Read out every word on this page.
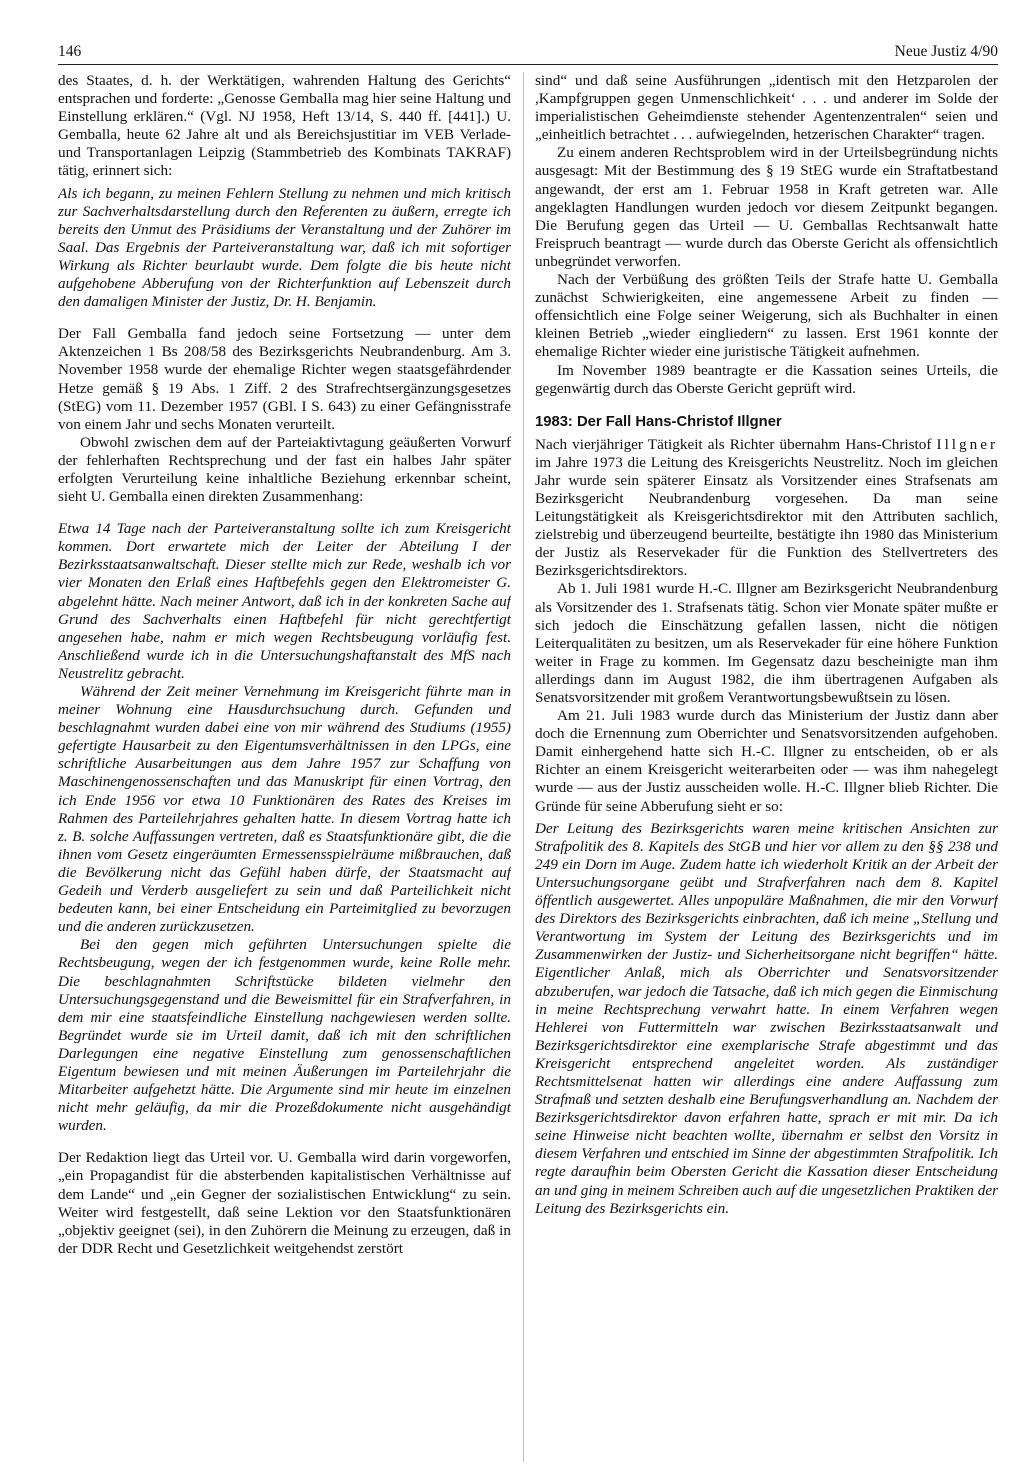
146	Neue Justiz 4/90

des Staates, d. h. der Werktätigen, wahrenden Haltung des Gerichts“ entsprachen und forderte: „Genosse Gemballa mag hier seine Haltung und Einstellung erklären.“ (Vgl. NJ 1958, Heft 13/14, S. 440 ff. [441].) U. Gemballa, heute 62 Jahre alt und als Bereichsjustitiar im VEB Verlade- und Transportanlagen Leipzig (Stammbetrieb des Kombinats TAKRAF) tätig, erinnert sich:

Als ich begann, zu meinen Fehlern Stellung zu nehmen und mich kritisch zur Sachverhaltsdarstellung durch den Referenten zu äußern, erregte ich bereits den Unmut des Präsidiums der Veranstaltung und der Zuhörer im Saal. Das Ergebnis der Parteiveranstaltung war, daß ich mit sofortiger Wirkung als Richter beurlaubt wurde. Dem folgte die bis heute nicht aufgehobene Abberufung von der Richterfunktion auf Lebenszeit durch den damaligen Minister der Justiz, Dr. H. Benjamin.

Der Fall Gemballa fand jedoch seine Fortsetzung — unter dem Aktenzeichen 1 Bs 208/58 des Bezirksgerichts Neubrandenburg. Am 3. November 1958 wurde der ehemalige Richter wegen staatsgefährdender Hetze gemäß § 19 Abs. 1 Ziff. 2 des Strafrechtsergänzungsgesetzes (StEG) vom 11. Dezember 1957 (GBl. I S. 643) zu einer Gefängnisstrafe von einem Jahr und sechs Monaten verurteilt.

Obwohl zwischen dem auf der Parteiaktivtagung geäußerten Vorwurf der fehlerhaften Rechtsprechung und der fast ein halbes Jahr später erfolgten Verurteilung keine inhaltliche Beziehung erkennbar scheint, sieht U. Gemballa einen direkten Zusammenhang:

Etwa 14 Tage nach der Parteiveranstaltung sollte ich zum Kreisgericht kommen. Dort erwartete mich der Leiter der Abteilung I der Bezirksstaatsanwaltschaft. Dieser stellte mich zur Rede, weshalb ich vor vier Monaten den Erlaß eines Haftbefehls gegen den Elektromeister G. abgelehnt hätte. Nach meiner Antwort, daß ich in der konkreten Sache auf Grund des Sachverhalts einen Haftbefehl für nicht gerechtfertigt angesehen habe, nahm er mich wegen Rechtsbeugung vorläufig fest. Anschließend wurde ich in die Untersuchungshaftanstalt des MfS nach Neustrelitz gebracht.

Während der Zeit meiner Vernehmung im Kreisgericht führte man in meiner Wohnung eine Hausdurchsuchung durch. Gefunden und beschlagnahmt wurden dabei eine von mir während des Studiums (1955) gefertigte Hausarbeit zu den Eigentumsverhältnissen in den LPGs, eine schriftliche Ausarbeitungen aus dem Jahre 1957 zur Schaffung von Maschinengenossenschaften und das Manuskript für einen Vortrag, den ich Ende 1956 vor etwa 10 Funktionären des Rates des Kreises im Rahmen des Parteilehrjahres gehalten hatte. In diesem Vortrag hatte ich z. B. solche Auffassungen vertreten, daß es Staatsfunktionäre gibt, die die ihnen vom Gesetz eingeräumten Ermessensspielräume mißbrauchen, daß die Bevölkerung nicht das Gefühl haben dürfe, der Staatsmacht auf Gedeih und Verderb ausgeliefert zu sein und daß Parteilichkeit nicht bedeuten kann, bei einer Entscheidung ein Parteimitglied zu bevorzugen und die anderen zurückzusetzen.

Bei den gegen mich geführten Untersuchungen spielte die Rechtsbeugung, wegen der ich festgenommen wurde, keine Rolle mehr. Die beschlagnahmten Schriftstücke bildeten vielmehr den Untersuchungsgegenstand und die Beweismittel für ein Strafverfahren, in dem mir eine staatsfeindliche Einstellung nachgewiesen werden sollte. Begründet wurde sie im Urteil damit, daß ich mit den schriftlichen Darlegungen eine negative Einstellung zum genossenschaftlichen Eigentum bewiesen und mit meinen Äußerungen im Parteilehrjahr die Mitarbeiter aufgehetzt hätte. Die Argumente sind mir heute im einzelnen nicht mehr geläufig, da mir die Prozeßdokumente nicht ausgehändigt wurden.

Der Redaktion liegt das Urteil vor. U. Gemballa wird darin vorgeworfen, „ein Propagandist für die absterbenden kapitalistischen Verhältnisse auf dem Lande“ und „ein Gegner der sozialistischen Entwicklung“ zu sein. Weiter wird festgestellt, daß seine Lektion vor den Staatsfunktionären „objektiv geeignet (sei), in den Zuhörern die Meinung zu erzeugen, daß in der DDR Recht und Gesetzlichkeit weitgehendst zerstört

sind“ und daß seine Ausführungen „identisch mit den Hetzparolen der ,Kampfgruppen gegen Unmenschlichkeit‘ . . . und anderer im Solde der imperialistischen Geheimdienste stehender Agentenzentralen“ seien und „einheitlich betrachtet . . . aufwiegelnden, hetzerischen Charakter“ tragen.

Zu einem anderen Rechtsproblem wird in der Urteilsbegründung nichts ausgesagt: Mit der Bestimmung des § 19 StEG wurde ein Straftatbestand angewandt, der erst am 1. Februar 1958 in Kraft getreten war. Alle angeklagten Handlungen wurden jedoch vor diesem Zeitpunkt begangen. Die Berufung gegen das Urteil — U. Gemballas Rechtsanwalt hatte Freispruch beantragt — wurde durch das Oberste Gericht als offensichtlich unbegründet verworfen.

Nach der Verbüßung des größten Teils der Strafe hatte U. Gemballa zunächst Schwierigkeiten, eine angemessene Arbeit zu finden — offensichtlich eine Folge seiner Weigerung, sich als Buchhalter in einen kleinen Betrieb „wieder eingliedern“ zu lassen. Erst 1961 konnte der ehemalige Richter wieder eine juristische Tätigkeit aufnehmen.

Im November 1989 beantragte er die Kassation seines Urteils, die gegenwärtig durch das Oberste Gericht geprüft wird.

1983: Der Fall Hans-Christof Illgner

Nach vierjähriger Tätigkeit als Richter übernahm Hans-Christof Illgner im Jahre 1973 die Leitung des Kreisgerichts Neustrelitz. Noch im gleichen Jahr wurde sein späterer Einsatz als Vorsitzender eines Strafsenats am Bezirksgericht Neubrandenburg vorgesehen. Da man seine Leitungstätigkeit als Kreisgerichtsdirektor mit den Attributen sachlich, zielstrebig und überzeugend beurteilte, bestätigte ihn 1980 das Ministerium der Justiz als Reservekader für die Funktion des Stellvertreters des Bezirksgerichtsdirektors.

Ab 1. Juli 1981 wurde H.-C. Illgner am Bezirksgericht Neubrandenburg als Vorsitzender des 1. Strafsenats tätig. Schon vier Monate später mußte er sich jedoch die Einschätzung gefallen lassen, nicht die nötigen Leiterqualitäten zu besitzen, um als Reservekader für eine höhere Funktion weiter in Frage zu kommen. Im Gegensatz dazu bescheinigte man ihm allerdings dann im August 1982, die ihm übertragenen Aufgaben als Senatsvorsitzender mit großem Verantwortungsbewußtsein zu lösen.

Am 21. Juli 1983 wurde durch das Ministerium der Justiz dann aber doch die Ernennung zum Oberrichter und Senatsvorsitzenden aufgehoben. Damit einhergehend hatte sich H.-C. Illgner zu entscheiden, ob er als Richter an einem Kreisgericht weiterarbeiten oder — was ihm nahegelegt wurde — aus der Justiz ausscheiden wolle. H.-C. Illgner blieb Richter. Die Gründe für seine Abberufung sieht er so:

Der Leitung des Bezirksgerichts waren meine kritischen Ansichten zur Strafpolitik des 8. Kapitels des StGB und hier vor allem zu den §§ 238 und 249 ein Dorn im Auge. Zudem hatte ich wiederholt Kritik an der Arbeit der Untersuchungsorgane geübt und Strafverfahren nach dem 8. Kapitel öffentlich ausgewertet. Alles unpopuläre Maßnahmen, die mir den Vorwurf des Direktors des Bezirksgerichts einbrachten, daß ich meine „Stellung und Verantwortung im System der Leitung des Bezirksgerichts und im Zusammenwirken der Justiz- und Sicherheitsorgane nicht begriffen“ hätte. Eigentlicher Anlaß, mich als Oberrichter und Senatsvorsitzender abzuberufen, war jedoch die Tatsache, daß ich mich gegen die Einmischung in meine Rechtsprechung verwahrt hatte. In einem Verfahren wegen Hehlerei von Futtermitteln war zwischen Bezirksstaatsanwalt und Bezirksgerichtsdirektor eine exemplarische Strafe abgestimmt und das Kreisgericht entsprechend angeleitet worden. Als zuständiger Rechtsmittelsenat hatten wir allerdings eine andere Auffassung zum Strafmaß und setzten deshalb eine Berufungsverhandlung an. Nachdem der Bezirksgerichtsdirektor davon erfahren hatte, sprach er mit mir. Da ich seine Hinweise nicht beachten wollte, übernahm er selbst den Vorsitz in diesem Verfahren und entschied im Sinne der abgestimmten Strafpolitik. Ich regte daraufhin beim Obersten Gericht die Kassation dieser Entscheidung an und ging in meinem Schreiben auch auf die ungesetzlichen Praktiken der Leitung des Bezirksgerichts ein.
